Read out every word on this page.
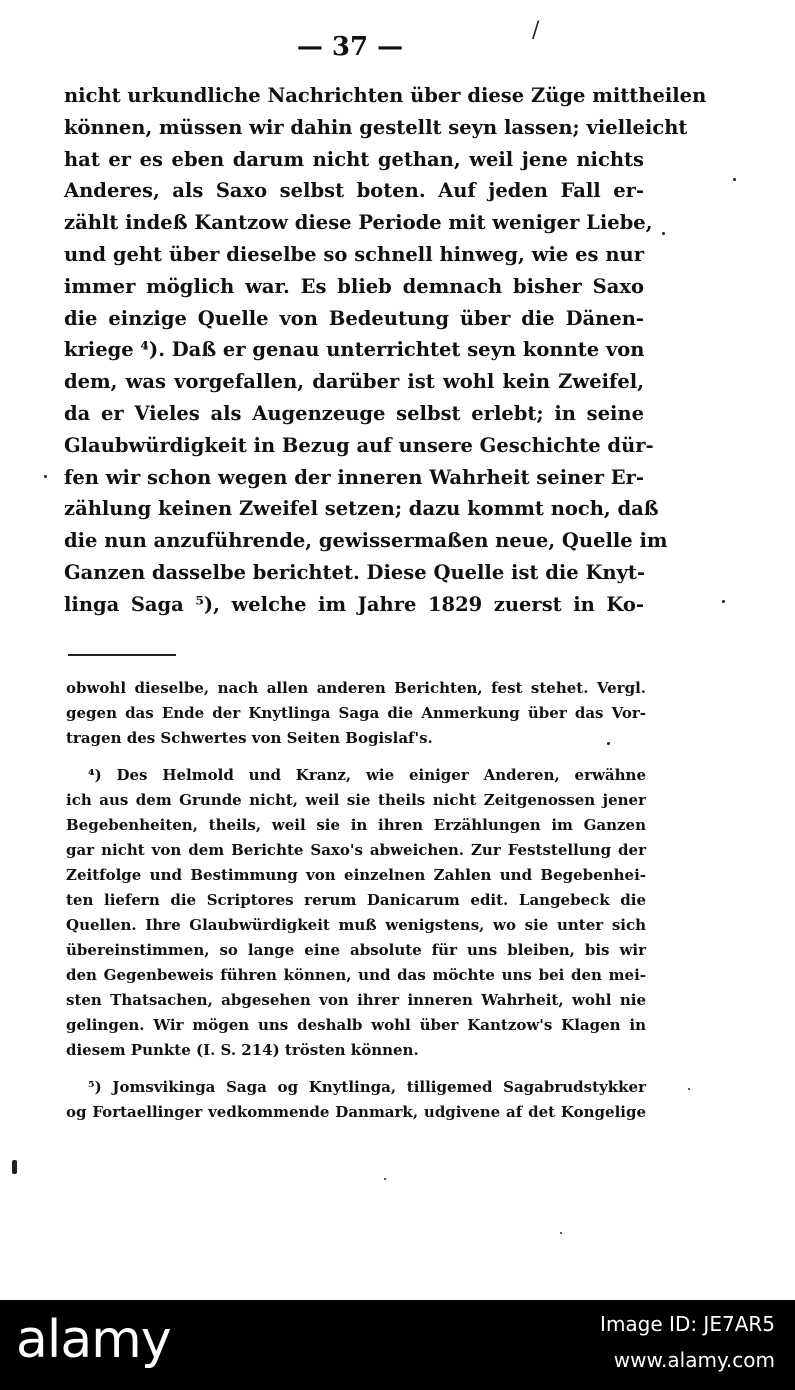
/
— 37 —
nicht urkundliche Nachrichten über diese Züge mittheilen
können, müssen wir dahin gestellt seyn lassen; vielleicht
hat er es eben darum nicht gethan, weil jene nichts
Anderes, als Saxo selbst boten. Auf jeden Fall er-
zählt indeß Kantzow diese Periode mit weniger Liebe,
und geht über dieselbe so schnell hinweg, wie es nur
immer möglich war. Es blieb demnach bisher Saxo
die einzige Quelle von Bedeutung über die Dänen-
kriege ⁴). Daß er genau unterrichtet seyn konnte von
dem, was vorgefallen, darüber ist wohl kein Zweifel,
da er Vieles als Augenzeuge selbst erlebt; in seine
Glaubwürdigkeit in Bezug auf unsere Geschichte dür-
fen wir schon wegen der inneren Wahrheit seiner Er-
zählung keinen Zweifel setzen; dazu kommt noch, daß
die nun anzuführende, gewissermaßen neue, Quelle im
Ganzen dasselbe berichtet. Diese Quelle ist die Knyt-
linga Saga ⁵), welche im Jahre 1829 zuerst in Ko-
obwohl dieselbe, nach allen anderen Berichten, fest stehet. Vergl.
gegen das Ende der Knytlinga Saga die Anmerkung über das Vor-
tragen des Schwertes von Seiten Bogislaf's.
⁴) Des Helmold und Kranz, wie einiger Anderen, erwähne
ich aus dem Grunde nicht, weil sie theils nicht Zeitgenossen jener
Begebenheiten, theils, weil sie in ihren Erzählungen im Ganzen
gar nicht von dem Berichte Saxo's abweichen. Zur Feststellung der
Zeitfolge und Bestimmung von einzelnen Zahlen und Begebenhei-
ten liefern die Scriptores rerum Danicarum edit. Langebeck die
Quellen. Ihre Glaubwürdigkeit muß wenigstens, wo sie unter sich
übereinstimmen, so lange eine absolute für uns bleiben, bis wir
den Gegenbeweis führen können, und das möchte uns bei den mei-
sten Thatsachen, abgesehen von ihrer inneren Wahrheit, wohl nie
gelingen. Wir mögen uns deshalb wohl über Kantzow's Klagen in
diesem Punkte (I. S. 214) trösten können.
⁵) Jomsvikinga Saga og Knytlinga, tilligemed Sagabrudstykker
og Fortaellinger vedkommende Danmark, udgivene af det Kongelige
alamy	Image ID: JE7AR5
www.alamy.com
